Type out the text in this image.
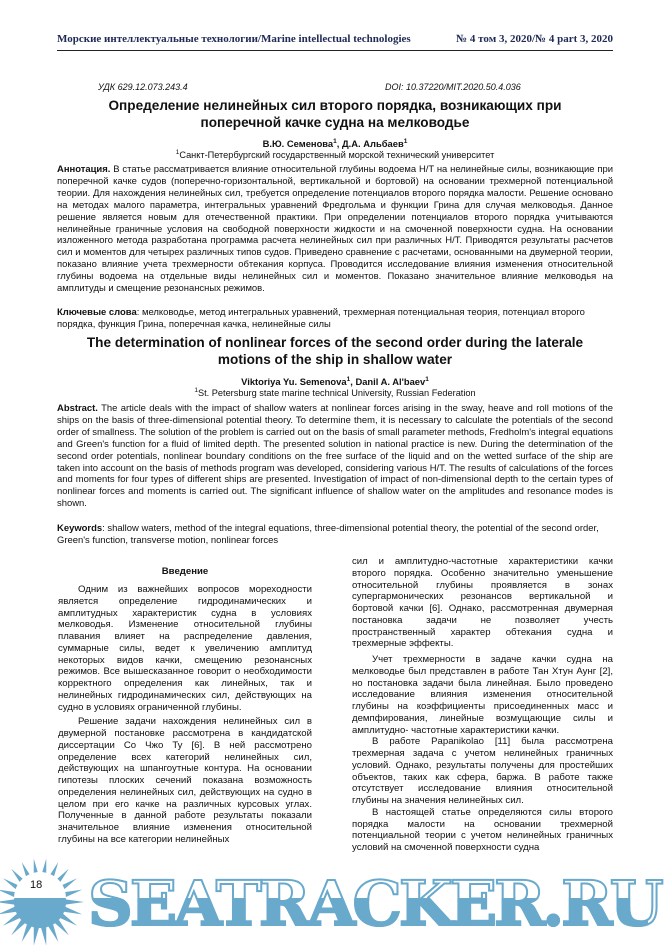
Морские интеллектуальные технологии/Marine intellectual technologies	№ 4 том 3, 2020/№ 4 part 3, 2020
УДК 629.12.073.243.4	DOI: 10.37220/MIT.2020.50.4.036
Определение нелинейных сил второго порядка, возникающих при
поперечной качке судна на мелководье
В.Ю. Семенова$^1$, Д.А. Альбаев$^1$
$^1$Санкт-Петербургский государственный морской технический университет
Аннотация. В статье рассматривается влияние относительной глубины водоема H/T на нелинейные силы, возникающие при поперечной качке судов (поперечно-горизонтальной, вертикальной и бортовой) на основании трехмерной потенциальной теории. Для нахождения нелинейных сил, требуется определение потенциалов второго порядка малости. Решение основано на методах малого параметра, интегральных уравнений Фредгольма и функции Грина для случая мелководья. Данное решение является новым для отечественной практики. При определении потенциалов второго порядка учитываются нелинейные граничные условия на свободной поверхности жидкости и на смоченной поверхности судна. На основании изложенного метода разработана программа расчета нелинейных сил при различных H/T. Приводятся результаты расчетов сил и моментов для четырех различных типов судов. Приведено сравнение с расчетами, основанными на двумерной теории, показано влияние учета трехмерности обтекания корпуса. Проводится исследование влияния изменения относительной глубины водоема на отдельные виды нелинейных сил и моментов. Показано значительное влияние мелководья на амплитуды и смещение резонансных режимов.
Ключевые слова: мелководье, метод интегральных уравнений, трехмерная потенциальная теория, потенциал второго порядка, функция Грина, поперечная качка, нелинейные силы
The determination of nonlinear forces of the second order during the laterale
motions of the ship in shallow water
Viktoriya Yu. Semenova$^1$, Danil A. Al'baev$^1$
$^1$St. Petersburg state marine technical University, Russian Federation
Abstract. The article deals with the impact of shallow waters at nonlinear forces arising in the sway, heave and roll motions of the ships on the basis of three-dimensional potential theory. To determine them, it is necessary to calculate the potentials of the second order of smallness. The solution of the problem is carried out on the basis of small parameter methods, Fredholm's integral equations and Green's function for a fluid of limited depth. The presented solution in national practice is new. During the determination of the second order potentials, nonlinear boundary conditions on the free surface of the liquid and on the wetted surface of the ship are taken into account on the basis of methods program was developed, considering various H/T. The results of calculations of the forces and moments for four types of different ships are presented. Investigation of impact of non-dimensional depth to the certain types of nonlinear forces and moments is carried out. The significant influence of shallow water on the amplitudes and resonance modes is shown.
Keywords: shallow waters, method of the integral equations, three-dimensional potential theory, the potential of the second order, Green's function, transverse motion, nonlinear forces
Введение

Одним из важнейших вопросов мореходности является определение гидродинамических и амплитудных характеристик судна в условиях мелководья. Изменение относительной глубины плавания влияет на распределение давления, суммарные силы, ведет к увеличению амплитуд некоторых видов качки, смещению резонансных режимов. Все вышесказанное говорит о необходимости корректного определения как линейных, так и нелинейных гидродинамических сил, действующих на судно в условиях ограниченной глубины.

Решение задачи нахождения нелинейных сил в двумерной постановке рассмотрена в кандидатской диссертации Со Чжо Ту [6]. В ней рассмотрено определение всех категорий нелинейных сил, действующих на шпангоутные контура. На основании гипотезы плоских сечений показана возможность определения нелинейных сил, действующих на судно в целом при его качке на различных курсовых углах. Полученные в данной работе результаты показали значительное влияние изменения относительной глубины на все категории нелинейных

сил и амплитудно-частотные характеристики качки второго порядка. Особенно значительно уменьшение относительной глубины проявляется в зонах супергармонических резонансов вертикальной и бортовой качки [6]. Однако, рассмотренная двумерная постановка задачи не позволяет учесть пространственный характер обтекания судна и трехмерные эффекты.

Учет трехмерности в задаче качки судна на мелководье был представлен в работе Тан Хтун Аунг [2], но постановка задачи была линейная. Было проведено исследование влияния изменения относительной глубины на коэффициенты присоединенных масс и демпфирования, линейные возмущающие силы и амплитудно- частотные характеристики качки.

В работе Papanikolao [11] была рассмотрена трехмерная задача с учетом нелинейных граничных условий. Однако, результаты получены для простейших объектов, таких как сфера, баржа. В работе также отсутствует исследование влияния относительной глубины на значения нелинейных сил.

В настоящей статье определяются силы второго порядка малости на основании трехмерной потенциальной теории с учетом нелинейных граничных условий на смоченной поверхности судна

18 SEATRACKER.RU
